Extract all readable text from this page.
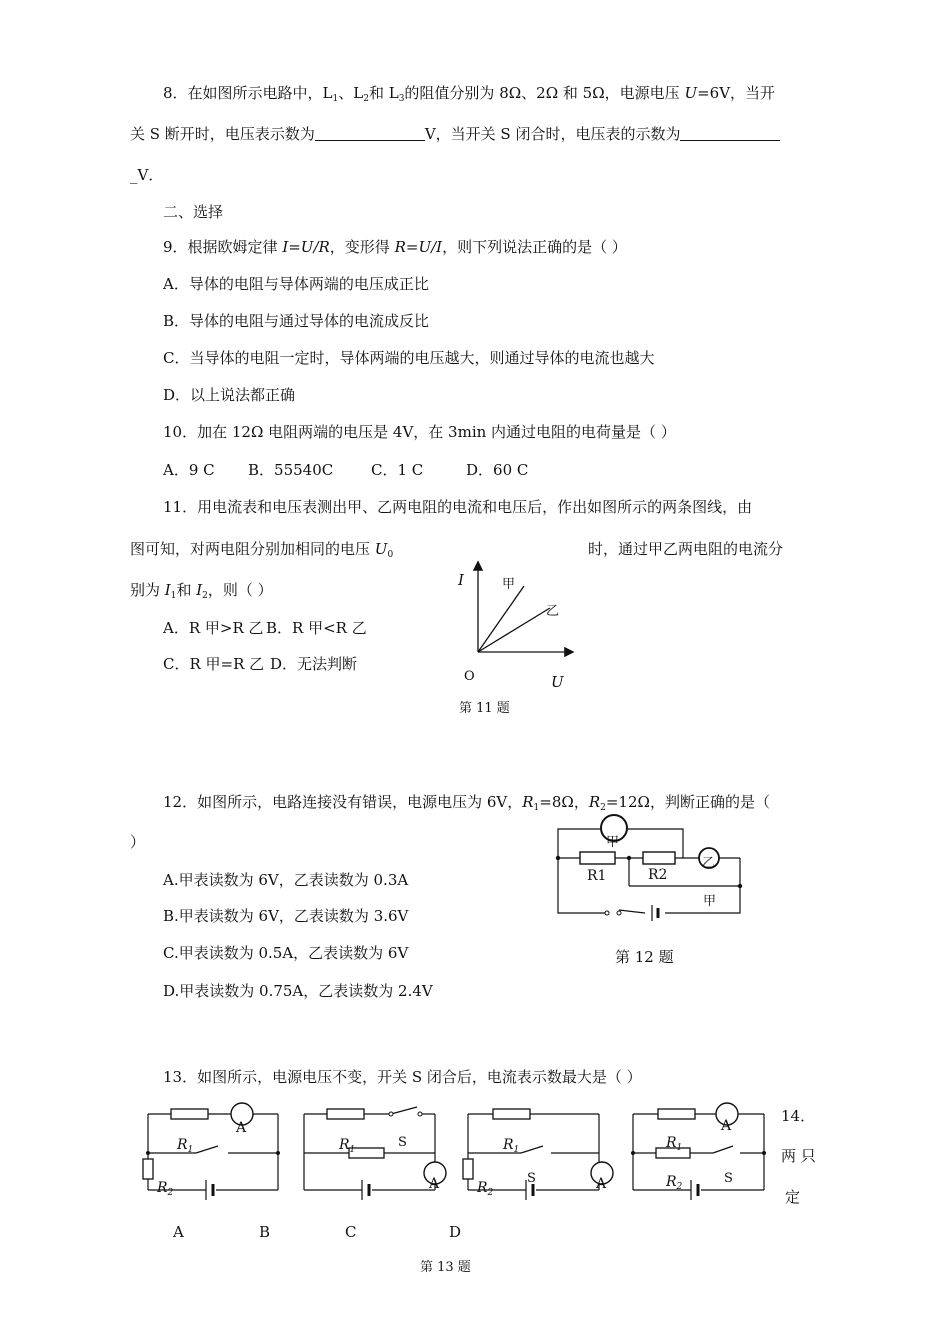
8．在如图所示电路中，$L_1$、$L_2$和 $L_3$的阻值分别为 8Ω、2Ω 和 5Ω，电源电压 U=6V，当开
关 S 断开时，电压表示数为	V，当开关 S 闭合时，电压表的示数为
_V．
二、选择
9．根据欧姆定律 I=U/R，变形得 R=U/I，则下列说法正确的是（ ）
A．导体的电阻与导体两端的电压成正比
B．导体的电阻与通过导体的电流成反比
C．当导体的电阻一定时，导体两端的电压越大，则通过导体的电流也越大
D．以上说法都正确
10．加在 12Ω 电阻两端的电压是 4V，在 3min 内通过电阻的电荷量是（ ）
A．9 C B．55540C	C．1 C	D．60 C
11．用电流表和电压表测出甲、乙两电阻的电流和电压后，作出如图所示的两条图线，由
图可知，对两电阻分别加相同的电压 $U_0$	时，通过甲乙两电阻的电流分
别为 $I_1$和 $I_2$，则（ ）
A．R 甲>R 乙 B．R 甲<R 乙
C．R 甲=R 乙 D．无法判断
I
U
O
甲
乙
第 11 题
12．如图所示，电路连接没有错误，电源电压为 6V，$R_1=8\Omega$，$R_2=12\Omega$，判断正确的是（
）
A.甲表读数为 6V，乙表读数为 0.3A
B.甲表读数为 6V，乙表读数为 3.6V
C.甲表读数为 0.5A，乙表读数为 6V
D.甲表读数为 0.75A，乙表读数为 2.4V
R1	R2
甲
乙
甲
第 12 题
13．如图所示，电源电压不变，开关 S 闭合后，电流表示数最大是（ ）
A
$R_1$
$R_2$
A
S
$R_1$
A
S
$R_1$
$R_2$
A
S
$R_1$
$R_2$
A	B	C	D
第 13 题
14．
两 只
定
